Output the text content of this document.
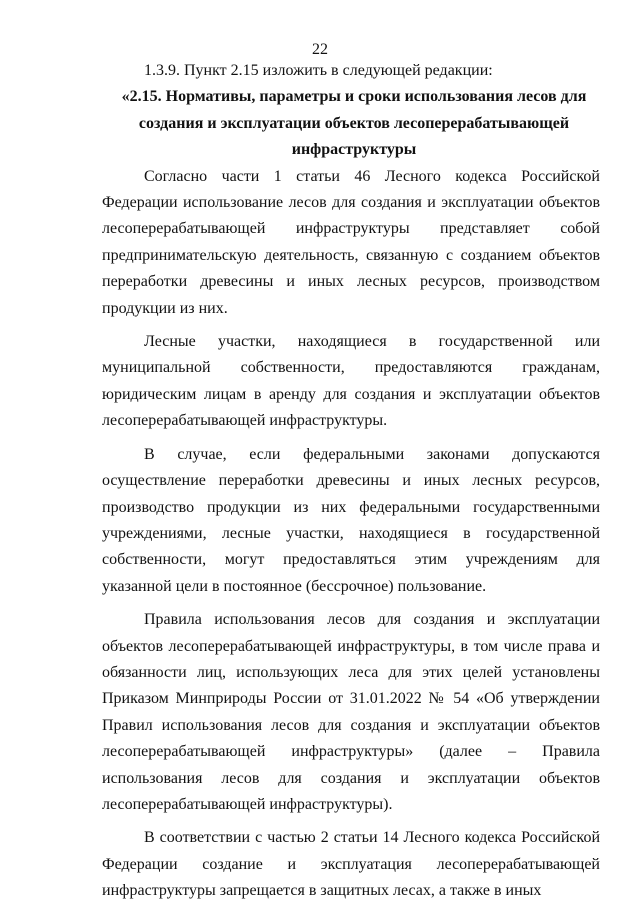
22

1.3.9. Пункт 2.15 изложить в следующей редакции:

«2.15. Нормативы, параметры и сроки использования лесов для создания и эксплуатации объектов лесоперерабатывающей инфраструктуры

Согласно части 1 статьи 46 Лесного кодекса Российской Федерации использование лесов для создания и эксплуатации объектов лесоперерабатывающей инфраструктуры представляет собой предпринимательскую деятельность, связанную с созданием объектов переработки древесины и иных лесных ресурсов, производством продукции из них.

Лесные участки, находящиеся в государственной или муниципальной собственности, предоставляются гражданам, юридическим лицам в аренду для создания и эксплуатации объектов лесоперерабатывающей инфраструктуры.

В случае, если федеральными законами допускаются осуществление переработки древесины и иных лесных ресурсов, производство продукции из них федеральными государственными учреждениями, лесные участки, находящиеся в государственной собственности, могут предоставляться этим учреждениям для указанной цели в постоянное (бессрочное) пользование.

Правила использования лесов для создания и эксплуатации объектов лесоперерабатывающей инфраструктуры, в том числе права и обязанности лиц, использующих леса для этих целей установлены Приказом Минприроды России от 31.01.2022 № 54 «Об утверждении Правил использования лесов для создания и эксплуатации объектов лесоперерабатывающей инфраструктуры» (далее – Правила использования лесов для создания и эксплуатации объектов лесоперерабатывающей инфраструктуры).

В соответствии с частью 2 статьи 14 Лесного кодекса Российской Федерации создание и эксплуатация лесоперерабатывающей инфраструктуры запрещается в защитных лесах, а также в иных
